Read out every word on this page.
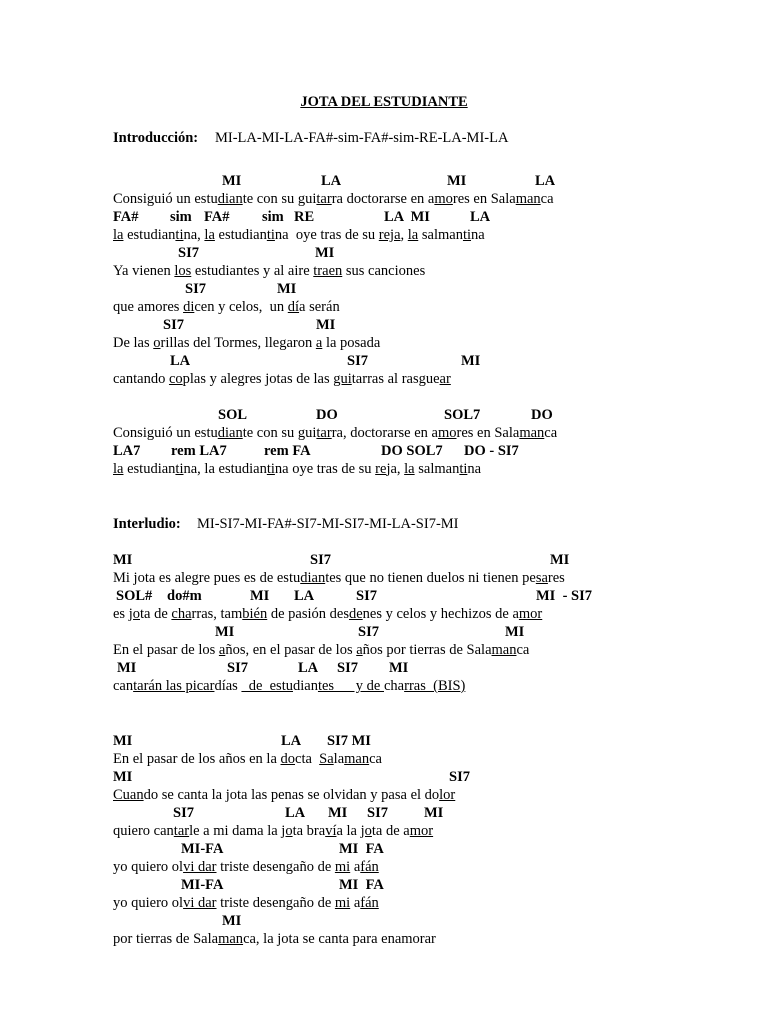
JOTA DEL ESTUDIANTE
Introducción: MI-LA-MI-LA-FA#-sim-FA#-sim-RE-LA-MI-LA
MI	LA	MI	LA
Consiguió un estudiante con su guitarra doctorarse en amores en Salamanca
FA# sim FA# sim RE	LA  MI	LA
la estudiantina, la estudiantina  oye tras de su reja, la salmantina
SI7	MI
Ya vienen los estudiantes y al aire traen sus canciones
SI7	MI
que amores dicen y celos,  un día serán
SI7	MI
De las orillas del Tormes, llegaron a la posada
LA	SI7	MI
cantando coplas y alegres jotas de las guitarras al rasguear
SOL	DO	SOL7	DO
Consiguió un estudiante con su guitarra, doctorarse en amores en Salamanca
LA7 rem LA7	rem FA	DO SOL7 DO - SI7
la estudiantina, la estudiantina oye tras de su reja, la salmantina
Interludio: MI-SI7-MI-FA#-SI7-MI-SI7-MI-LA-SI7-MI
MI	SI7	MI
Mi jota es alegre pues es de estudiantes que no tienen duelos ni tienen pesares
SOL# do#m	MI LA	SI7	MI  - SI7
es jota de charras, también de pasión desdenes y celos y hechizos de amor
MI	SI7	MI
En el pasar de los años, en el pasar de los años por tierras de Salamanca
MI	SI7	LA SI7 MI
cantarán las picardías   de  estudiantes      y de charras  (BIS)
MI	LA SI7 MI
En el pasar de los años en la docta  Salamanca
MI	SI7
Cuando se canta la jota las penas se olvidan y pasa el dolor
SI7	LA MI SI7 MI
quiero cantarle a mi dama la jota bravía la jota de amor
MI-FA	MI  FA
yo quiero olvi dar triste desengaño de mi afán
MI-FA	MI  FA
yo quiero olvi dar triste desengaño de mi afán
MI
por tierras de Salamanca, la jota se canta para enamorar
